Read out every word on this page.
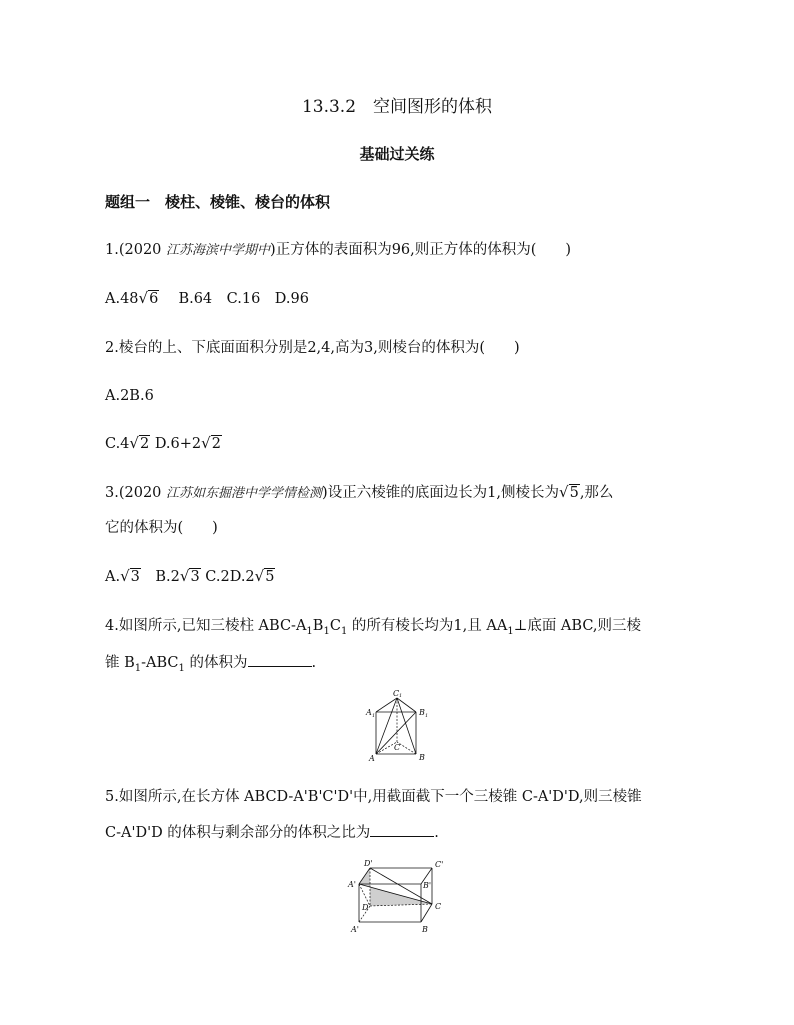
13.3.2　空间图形的体积
基础过关练
题组一　棱柱、棱锥、棱台的体积
1.(2020 江苏海滨中学期中)正方体的表面积为96,则正方体的体积为(　　)
A.48√6　 B.64　 C.16　 D.96
2.棱台的上、下底面面积分别是2,4,高为3,则棱台的体积为(　　)
A.2B.6
C.4√2 D.6+2√2
3.(2020 江苏如东掘港中学学情检测)设正六棱锥的底面边长为1,侧棱长为√5,那么
它的体积为(　　)
A.√3　 B.2√3 C.2D.2√5
4.如图所示,已知三棱柱 ABC-$A_1B_1C_1$ 的所有棱长均为1,且 $AA_1\perp$底面 ABC,则三棱
锥 $B_1-ABC_1$ 的体积为	.
C 1
A 1	B 1
C
A	B
5.如图所示,在长方体 ABCD-A'B'C'D'中,用截面截下一个三棱锥 C-A'D'D,则三棱锥
C-A'D'D 的体积与剩余部分的体积之比为	.
D'	C'
A'	B'
D	C
A'	B
